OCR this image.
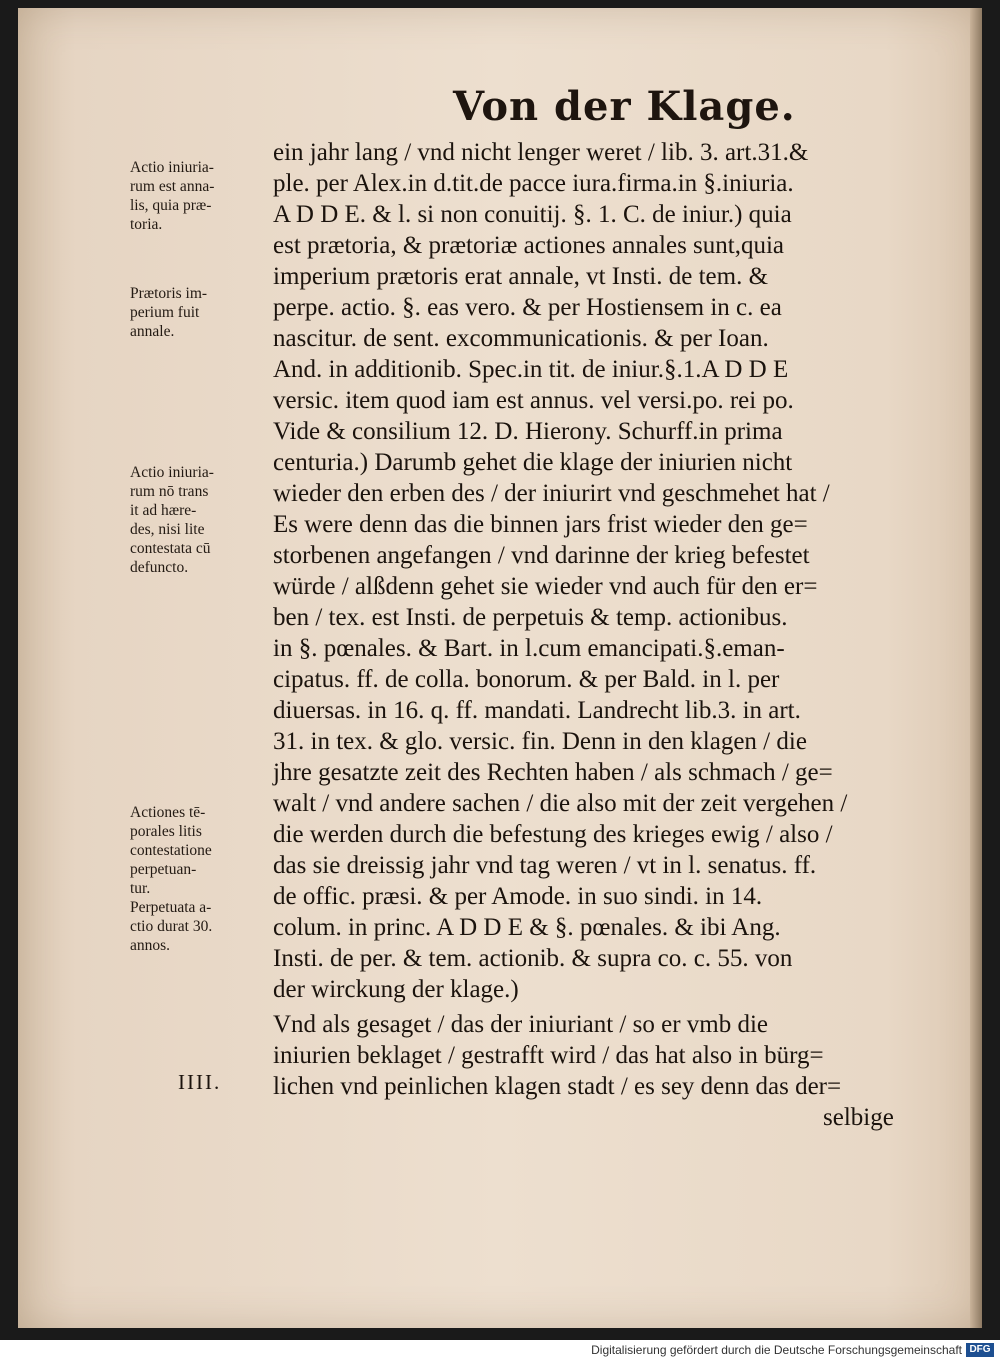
Von der Klage.
Actio iniuria-
rum est anna-
lis, quia præ-
toria.
Prætoris im-
perium fuit
annale.
Actio iniuria-
rum nō trans
it ad hære-
des, nisi lite
contestata cū
defuncto.
Actiones tē-
porales litis
contestatione
perpetuan-
tur.
Perpetuata a-
ctio durat 30.
annos.
IIII.
ein jahr lang / vnd nicht lenger weret / lib. 3. art.31.&
ple. per Alex.in d.tit.de pacce iura.firma.in §.iniuria.
A D D E. & l. si non conuitij. §. 1. C. de iniur.) quia
est prætoria, & prætoriæ actiones annales sunt,quia
imperium prætoris erat annale, vt Insti. de tem. &
perpe. actio. §. eas vero. & per Hostiensem in c. ea
nascitur. de sent. excommunicationis. & per Ioan.
And. in additionib. Spec.in tit. de iniur.§.1.A D D E
versic. item quod iam est annus. vel versi.po. rei po.
Vide & consilium 12. D. Hierony. Schurff.in prima
centuria.) Darumb gehet die klage der iniurien nicht
wieder den erben des / der iniurirt vnd geschmehet hat /
Es were denn das die binnen jars frist wieder den ge=
storbenen angefangen / vnd darinne der krieg befestet
würde / alßdenn gehet sie wieder vnd auch für den er=
ben / tex. est Insti. de perpetuis & temp. actionibus.
in §. pœnales. & Bart. in l.cum emancipati.§.eman-
cipatus. ff. de colla. bonorum. & per Bald. in l. per
diuersas. in 16. q. ff. mandati. Landrecht lib.3. in art.
31. in tex. & glo. versic. fin. Denn in den klagen / die
jhre gesatzte zeit des Rechten haben / als schmach / ge=
walt / vnd andere sachen / die also mit der zeit vergehen /
die werden durch die befestung des krieges ewig / also /
das sie dreissig jahr vnd tag weren / vt in l. senatus. ff.
de offic. præsi. & per Amode. in suo sindi. in 14.
colum. in princ. A D D E & §. pœnales. & ibi Ang.
Insti. de per. & tem. actionib. & supra co. c. 55. von
der wirckung der klage.)
Vnd als gesaget / das der iniuriant / so er vmb die
iniurien beklaget / gestrafft wird / das hat also in bürg=
lichen vnd peinlichen klagen stadt / es sey denn das der=
selbige
Digitalisierung gefördert durch die Deutsche Forschungsgemeinschaft DFG
